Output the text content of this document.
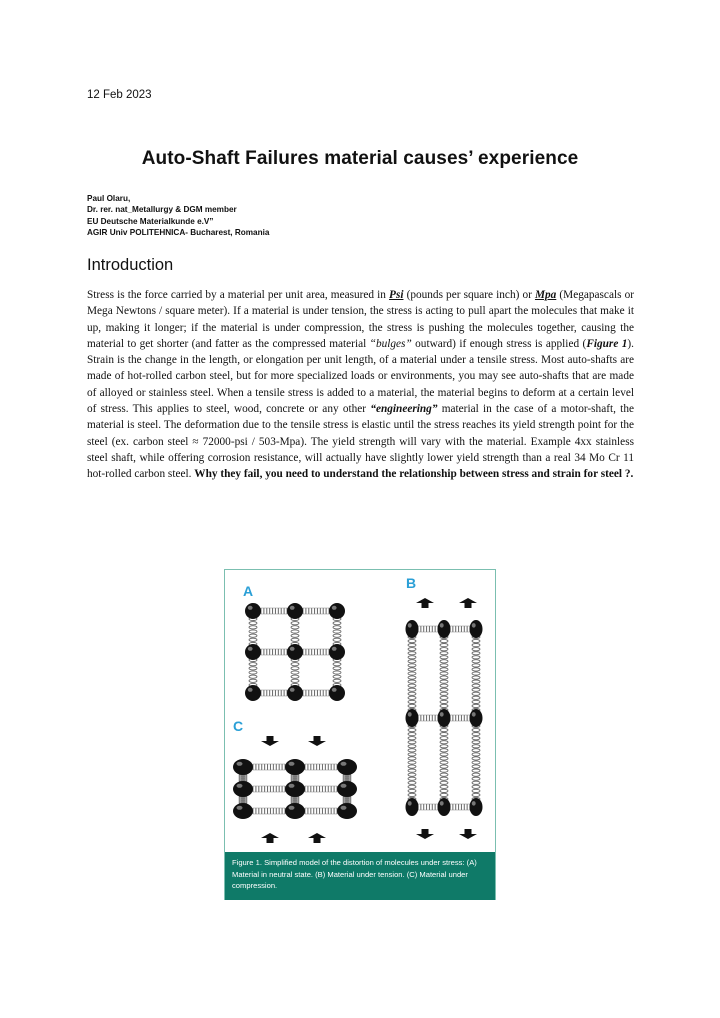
12 Feb 2023
Auto-Shaft Failures material causes’ experience
Paul Olaru,
Dr. rer. nat_Metallurgy & DGM member
EU Deutsche Materialkunde e.V”
AGIR Univ POLITEHNICA- Bucharest, Romania
Introduction

Stress is the force carried by a material per unit area, measured in Psi (pounds per square inch) or Mpa (Megapascals or Mega Newtons / square meter). If a material is under tension, the stress is acting to pull apart the molecules that make it up, making it longer; if the material is under compression, the stress is pushing the molecules together, causing the material to get shorter (and fatter as the compressed material “bulges” outward) if enough stress is applied (Figure 1). Strain is the change in the length, or elongation per unit length, of a material under a tensile stress. Most auto-shafts are made of hot-rolled carbon steel, but for more specialized loads or environments, you may see auto-shafts that are made of alloyed or stainless steel. When a tensile stress is added to a material, the material begins to deform at a certain level of stress. This applies to steel, wood, concrete or any other “engineering” material in the case of a motor-shaft, the material is steel. The deformation due to the tensile stress is elastic until the stress reaches its yield strength point for the steel (ex. carbon steel ≈ 72000-psi / 503-Mpa). The yield strength will vary with the material. Example 4xx stainless steel shaft, while offering corrosion resistance, will actually have slightly lower yield strength than a real 34 Mo Cr 11 hot-rolled carbon steel. Why they fail, you need to understand the relationship between stress and strain for steel ?.

A	B
C
Figure 1. Simplified model of the distortion of molecules under stress: (A) Material in neutral state. (B) Material under tension. (C) Material under compression.
